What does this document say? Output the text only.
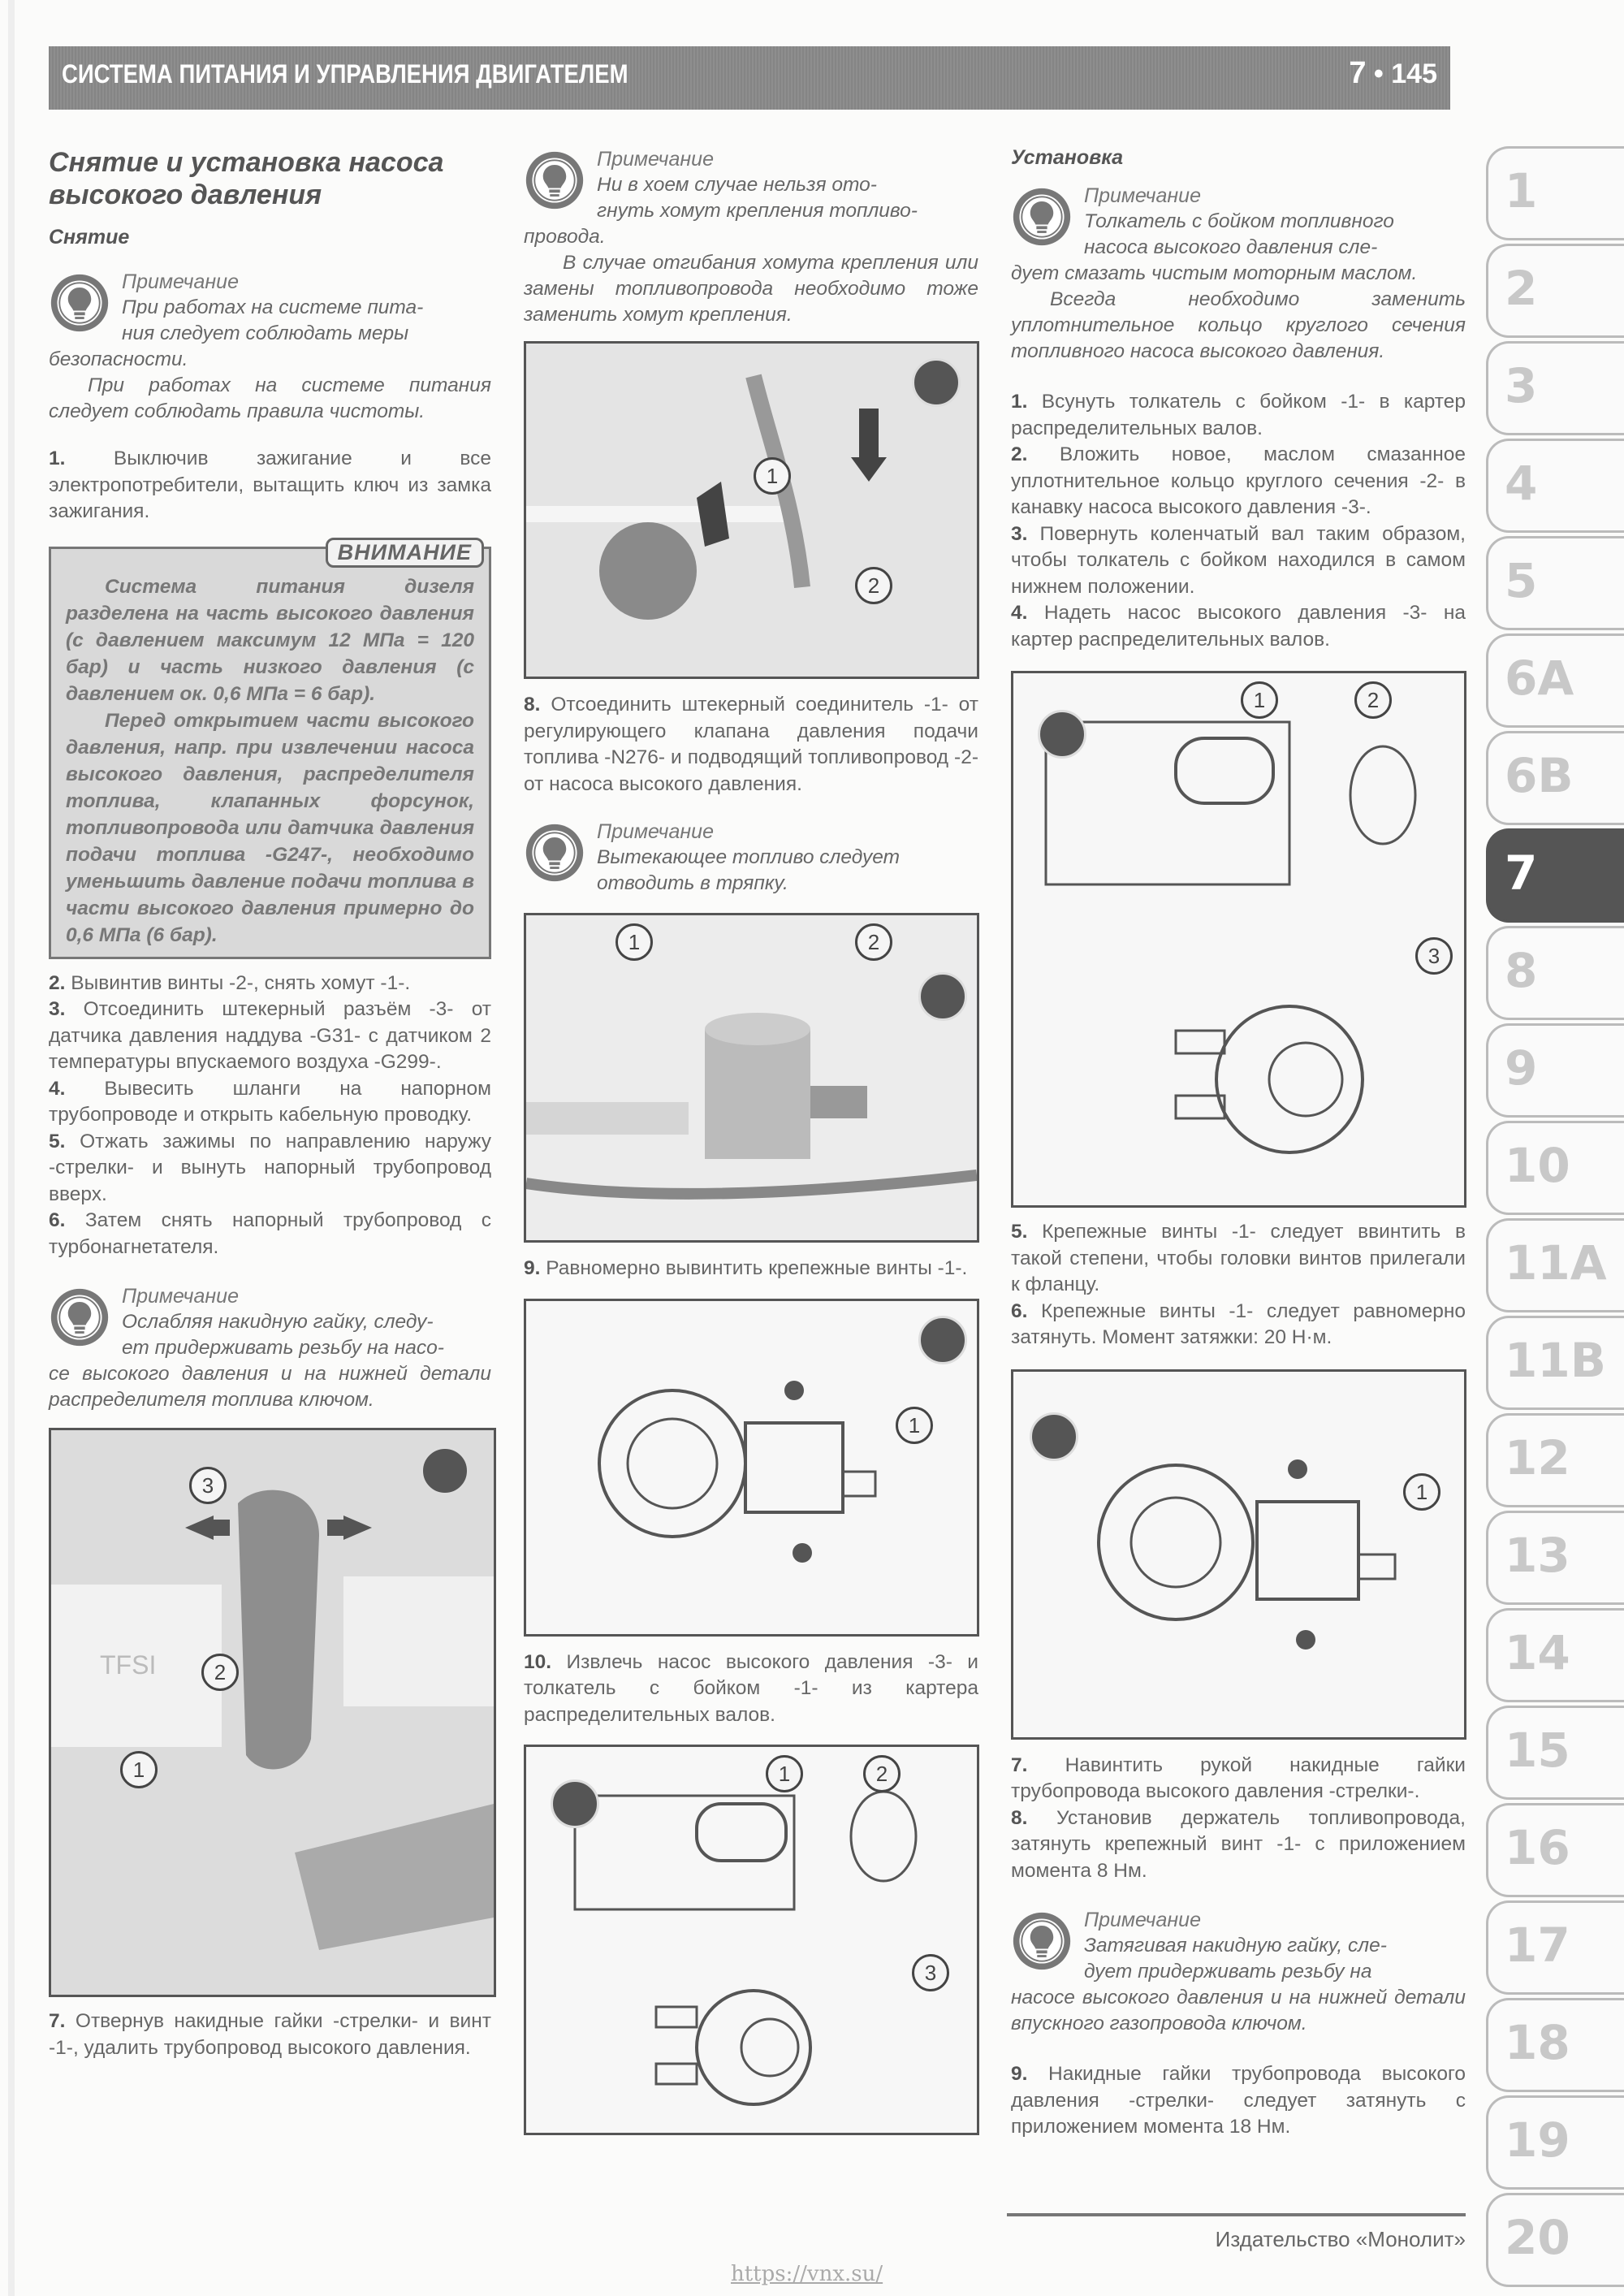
СИСТЕМА ПИТАНИЯ И УПРАВЛЕНИЯ ДВИГАТЕЛЕМ	7 • 145
Снятие и установка насоса
высокого давления
Снятие
Примечание
При работах на системе пита-
ния следует соблюдать меры
безопасности.
При работах на системе питания следует соблюдать правила чистоты.

1. Выключив зажигание и все электропотребители, вытащить ключ из замка зажигания.

ВНИМАНИЕ

Система питания дизеля разделена на часть высокого давления (с давлением максимум 12 МПа = 120 бар) и часть низкого давления (с давлением ок. 0,6 МПа = 6 бар).

Перед открытием части высокого давления, напр. при извлечении насоса высокого давления, распределителя топлива, клапанных форсунок, топливопровода или датчика давления подачи топлива -G247-, необходимо уменьшить давление подачи топлива в части высокого давления примерно до 0,6 МПа (6 бар).

2. Вывинтив винты -2-, снять хомут -1-.

3. Отсоединить штекерный разъём -3- от датчика давления наддува -G31- с датчиком 2 температуры впускаемого воздуха -G299-.

4. Вывесить шланги на напорном трубопроводе и открыть кабельную проводку.

5. Отжать зажимы по направлению наружу -стрелки- и вынуть напорный трубопровод вверх.

6. Затем снять напорный трубопровод с турбонагнетателя.

Примечание
Ослабляя накидную гайку, следу-
ет придерживать резьбу на насо-
се высокого давления и на нижней детали распределителя топлива ключом.
TFSI
3
2
1

7. Отвернув накидные гайки -стрелки- и винт -1-, удалить трубопровод высокого давления.

Примечание
Ни в хоем случае нельзя ото-
гнуть хомут крепления топливо-
провода.
В случае отгибания хомута крепления или замены топливопровода необходимо тоже заменить хомут крепления.
1
2

8. Отсоединить штекерный соединитель -1- от регулирующего клапана давления подачи топлива -N276- и подводящий топливопровод -2- от насоса высокого давления.

Примечание
Вытекающее топливо следует
отводить в тряпку.
1	2

9. Равномерно вывинтить крепежные винты -1-.

1

10. Извлечь насос высокого давления -3- и толкатель с бойком -1- из картера распределительных валов.

1	2
3
Установка
Примечание
Толкатель с бойком топливного
насоса высокого давления сле-
дует смазать чистым моторным маслом.
Всегда необходимо заменить уплотнительное кольцо круглого сечения топливного насоса высокого давления.

1. Всунуть толкатель с бойком -1- в картер распределительных валов.

2. Вложить новое, маслом смазанное уплотнительное кольцо круглого сечения -2- в канавку насоса высокого давления -3-.

3. Повернуть коленчатый вал таким образом, чтобы толкатель с бойком находился в самом нижнем положении.

4. Надеть насос высокого давления -3- на картер распределительных валов.

1	2
3

5. Крепежные винты -1- следует ввинтить в такой степени, чтобы головки винтов прилегали к фланцу.

6. Крепежные винты -1- следует равномерно затянуть. Момент затяжки: 20 Н·м.

1

7. Навинтить рукой накидные гайки трубопровода высокого давления -стрелки-.

8. Установив держатель топливопровода, затянуть крепежный винт -1- с приложением момента 8 Нм.

Примечание
Затягивая накидную гайку, сле-
дует придерживать резьбу на
насосе высокого давления и на нижней детали впускного газопровода ключом.

9. Накидные гайки трубопровода высокого давления -стрелки- следует затянуть с приложением момента 18 Нм.

1
2
3
4
5
6A
6B
7
8
9
10
11A
11B
12
13
14
15
16
17
18
19
20
Издательство «Монолит»
https://vnx.su/
